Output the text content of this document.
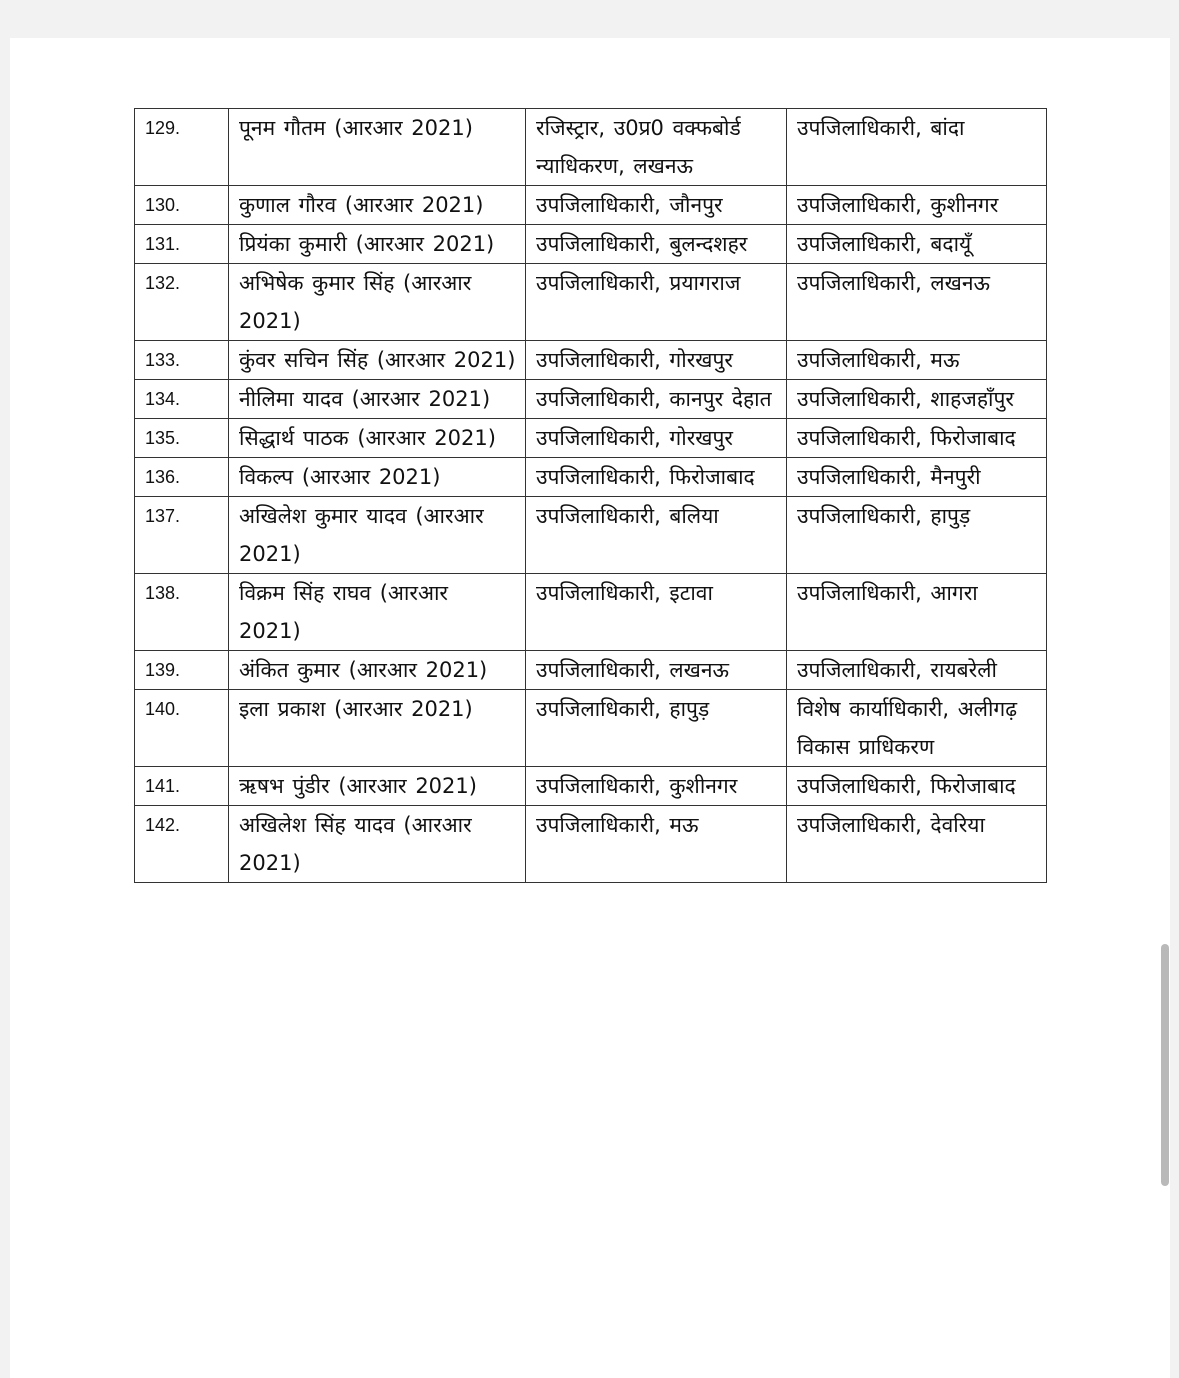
129.	पूनम गौतम (आरआर 2021)	रजिस्ट्रार, उ0प्र0 वक्फबोर्ड न्याधिकरण, लखनऊ	उपजिलाधिकारी, बांदा
130.	कुणाल गौरव (आरआर 2021)	उपजिलाधिकारी, जौनपुर	उपजिलाधिकारी, कुशीनगर
131.	प्रियंका कुमारी (आरआर 2021)	उपजिलाधिकारी, बुलन्दशहर	उपजिलाधिकारी, बदायूँ
132.	अभिषेक कुमार सिंह (आरआर 2021)	उपजिलाधिकारी, प्रयागराज	उपजिलाधिकारी, लखनऊ
133.	कुंवर सचिन सिंह (आरआर 2021)	उपजिलाधिकारी, गोरखपुर	उपजिलाधिकारी, मऊ
134.	नीलिमा यादव (आरआर 2021)	उपजिलाधिकारी, कानपुर देहात	उपजिलाधिकारी, शाहजहाँपुर
135.	सिद्धार्थ पाठक (आरआर 2021)	उपजिलाधिकारी, गोरखपुर	उपजिलाधिकारी, फिरोजाबाद
136.	विकल्प (आरआर 2021)	उपजिलाधिकारी, फिरोजाबाद	उपजिलाधिकारी, मैनपुरी
137.	अखिलेश कुमार यादव (आरआर 2021)	उपजिलाधिकारी, बलिया	उपजिलाधिकारी, हापुड़
138.	विक्रम सिंह राघव (आरआर 2021)	उपजिलाधिकारी, इटावा	उपजिलाधिकारी, आगरा
139.	अंकित कुमार (आरआर 2021)	उपजिलाधिकारी, लखनऊ	उपजिलाधिकारी, रायबरेली
140.	इला प्रकाश (आरआर 2021)	उपजिलाधिकारी, हापुड़	विशेष कार्याधिकारी, अलीगढ़ विकास प्राधिकरण
141.	ऋषभ पुंडीर (आरआर 2021)	उपजिलाधिकारी, कुशीनगर	उपजिलाधिकारी, फिरोजाबाद
142.	अखिलेश सिंह यादव (आरआर 2021)	उपजिलाधिकारी, मऊ	उपजिलाधिकारी, देवरिया
